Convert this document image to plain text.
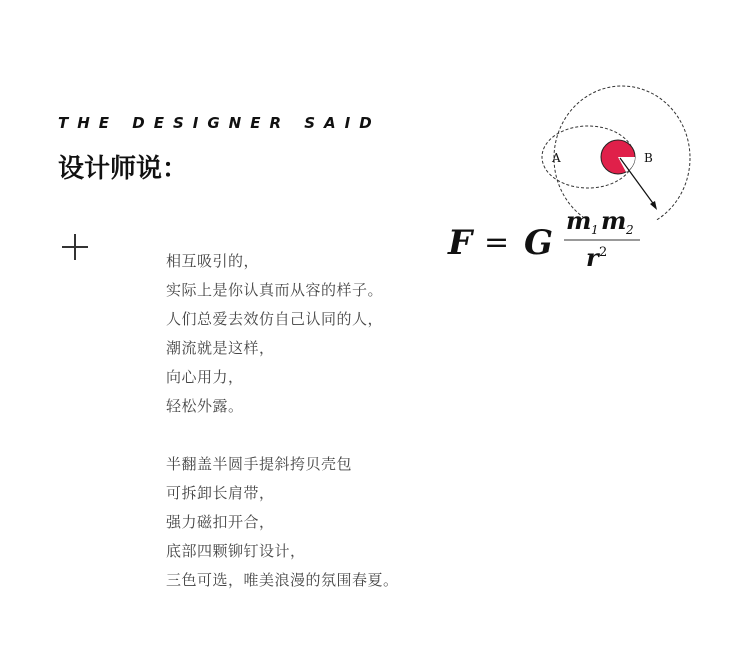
THE DESIGNER SAID
设计师说：	A	B
F = G
m 1 m 2
r 2
相互吸引的，
实际上是你认真而从容的样子。
人们总爱去效仿自己认同的人，
潮流就是这样，
向心用力，
轻松外露。
半翻盖半圆手提斜挎贝壳包
可拆卸长肩带，
强力磁扣开合，
底部四颗铆钉设计，
三色可选，唯美浪漫的氛围春夏。
